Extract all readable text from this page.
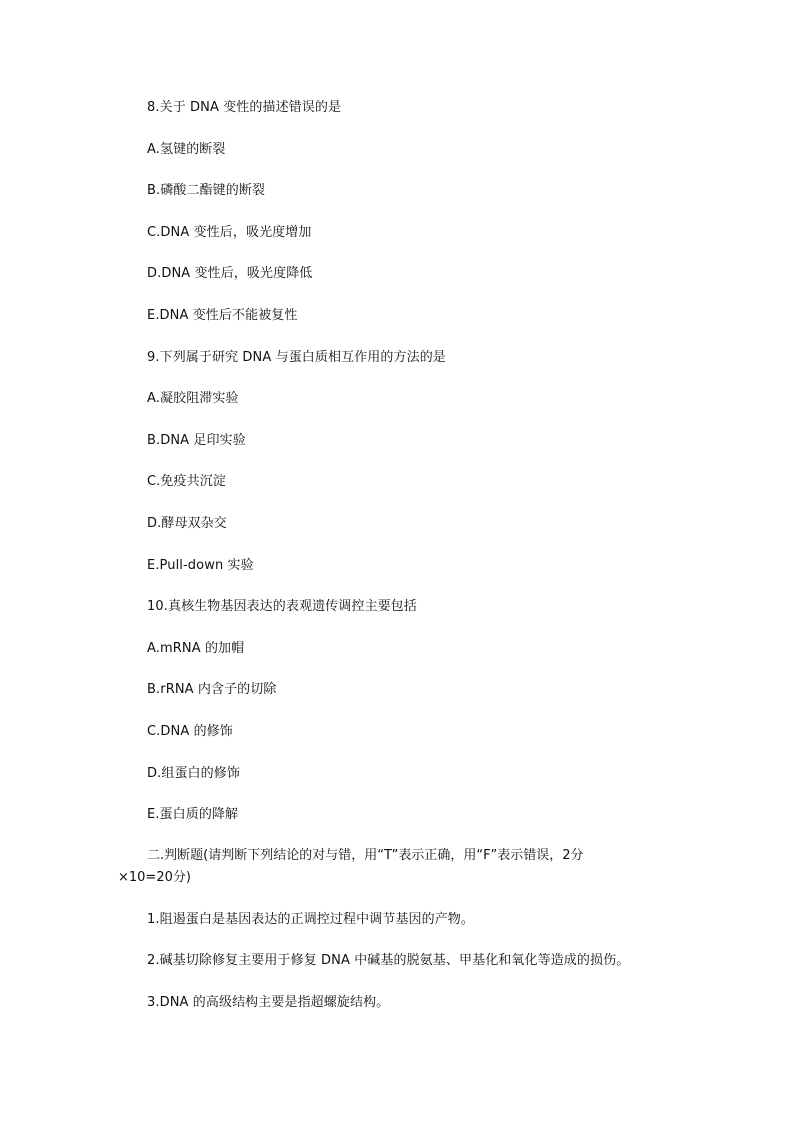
8.关于 DNA 变性的描述错误的是
A.氢键的断裂
B.磷酸二酯键的断裂
C.DNA 变性后，吸光度增加
D.DNA 变性后，吸光度降低
E.DNA 变性后不能被复性
9.下列属于研究 DNA 与蛋白质相互作用的方法的是
A.凝胶阻滞实验
B.DNA 足印实验
C.免疫共沉淀
D.酵母双杂交
E.Pull-down 实验
10.真核生物基因表达的表观遗传调控主要包括
A.mRNA 的加帽
B.rRNA 内含子的切除
C.DNA 的修饰
D.组蛋白的修饰
E.蛋白质的降解
二.判断题(请判断下列结论的对与错，用“T”表示正确，用“F”表示错误，2分
×10=20分)
1.阻遏蛋白是基因表达的正调控过程中调节基因的产物。
2.碱基切除修复主要用于修复 DNA 中碱基的脱氨基、甲基化和氧化等造成的损伤。
3.DNA 的高级结构主要是指超螺旋结构。
